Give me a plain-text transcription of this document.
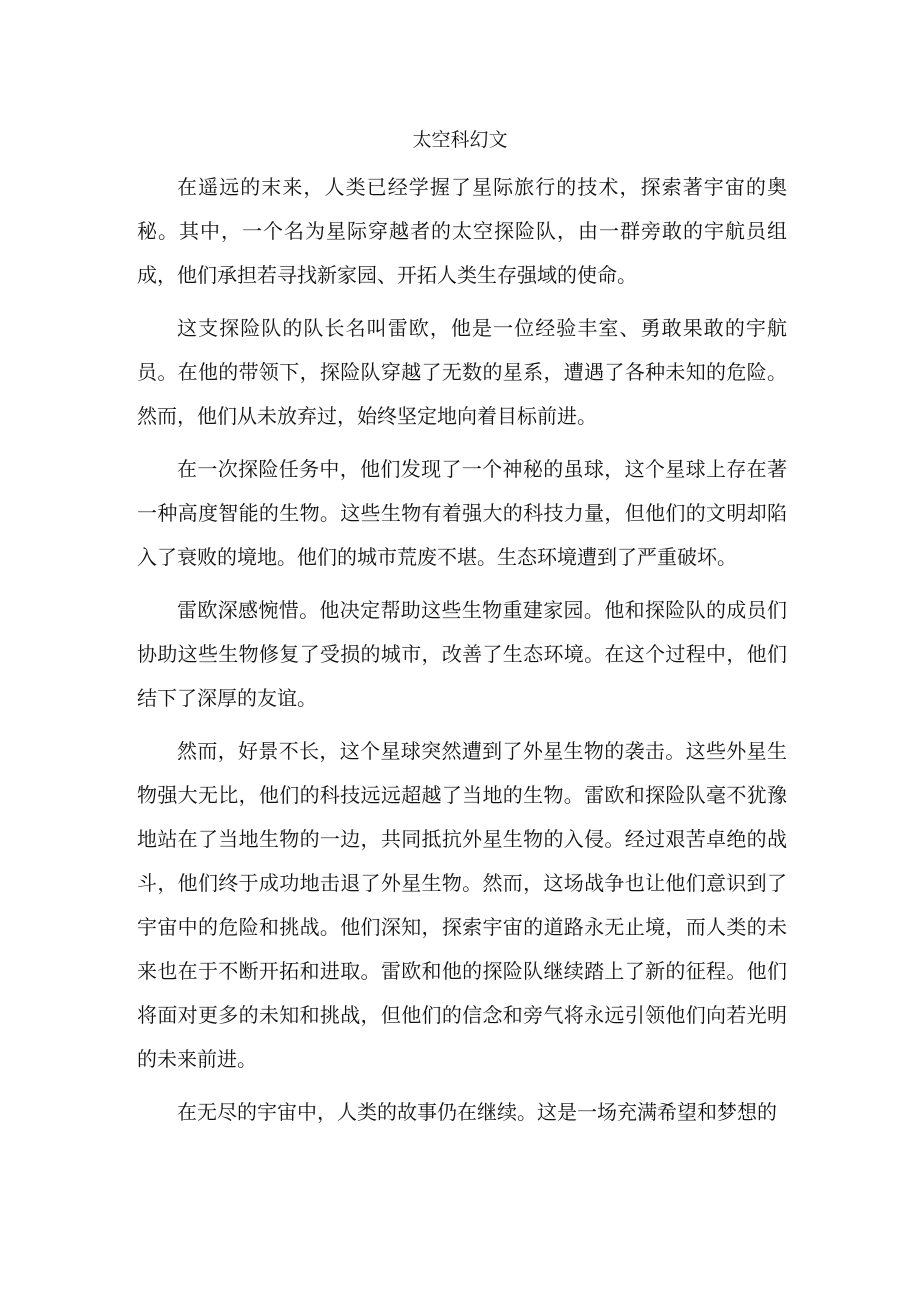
太空科幻文

在遥远的末来，人类已经学握了星际旅行的技术，探索著宇宙的奥秘。其中，一个名为星际穿越者的太空探险队，由一群旁敢的宇航员组成，他们承担若寻找新家园、开拓人类生存强域的使命。

这支探险队的队长名叫雷欧，他是一位经验丰室、勇敢果敢的宇航员。在他的带领下，探险队穿越了无数的星系，遭遇了各种未知的危险。然而，他们从未放弃过，始终坚定地向着目标前进。

在一次探险任务中，他们发现了一个神秘的虽球，这个星球上存在著一种高度智能的生物。这些生物有着强大的科技力量，但他们的文明却陷入了衰败的境地。他们的城市荒废不堪。生态环境遭到了严重破坏。

雷欧深感惋惜。他决定帮助这些生物重建家园。他和探险队的成员们协助这些生物修复了受损的城市，改善了生态环境。在这个过程中，他们结下了深厚的友谊。

然而，好景不长，这个星球突然遭到了外星生物的袭击。这些外星生物强大无比，他们的科技远远超越了当地的生物。雷欧和探险队毫不犹豫地站在了当地生物的一边，共同抵抗外星生物的入侵。经过艰苦卓绝的战斗，他们终于成功地击退了外星生物。然而，这场战争也让他们意识到了宇宙中的危险和挑战。他们深知，探索宇宙的道路永无止境，而人类的未来也在于不断开拓和进取。雷欧和他的探险队继续踏上了新的征程。他们将面对更多的未知和挑战，但他们的信念和旁气将永远引领他们向若光明的未来前进。

在无尽的宇宙中，人类的故事仍在继续。这是一场充满希望和梦想的
